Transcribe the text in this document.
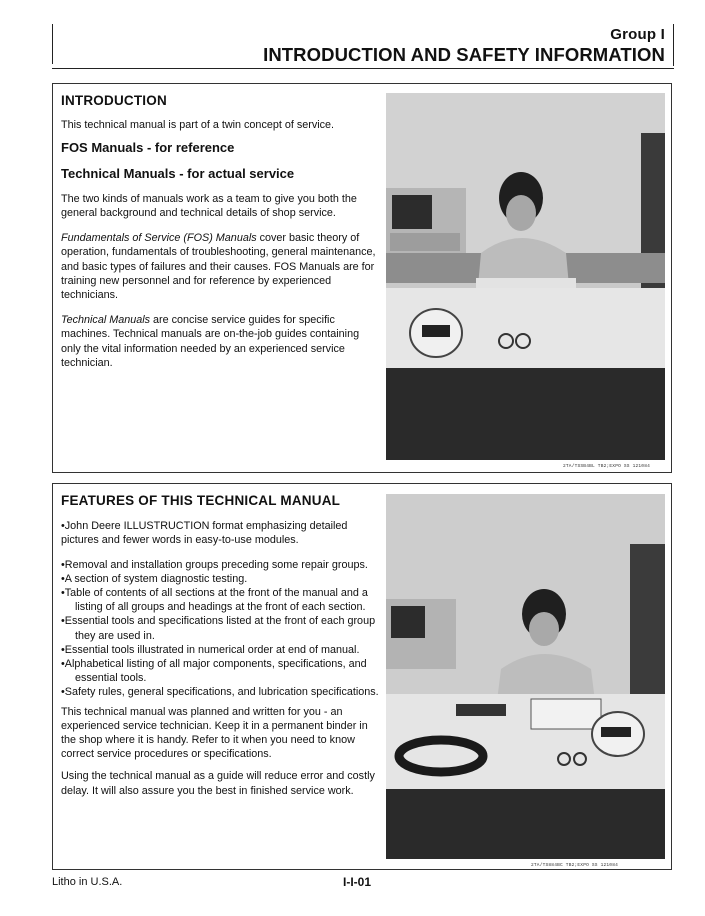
Group I
INTRODUCTION AND SAFETY INFORMATION

INTRODUCTION

This technical manual is part of a twin concept of service.

FOS Manuals - for reference

Technical Manuals - for actual service

The two kinds of manuals work as a team to give you both the general background and technical details of shop service.

Fundamentals of Service (FOS) Manuals cover basic theory of operation, fundamentals of troubleshooting, general maintenance, and basic types of failures and their causes. FOS Manuals are for training new personnel and for reference by experienced technicians.

Technical Manuals are concise service guides for specific machines. Technical manuals are on-the-job guides containing only the vital information needed by an experienced service technician.

2TA/TSSB4BL TB2;EXPO SS 121084

FEATURES OF THIS TECHNICAL MANUAL

•John Deere ILLUSTRUCTION format emphasizing detailed pictures and fewer words in easy-to-use modules.

•Removal and installation groups preceding some repair groups.
•A section of system diagnostic testing.
•Table of contents of all sections at the front of the manual and a listing of all groups and headings at the front of each section.
•Essential tools and specifications listed at the front of each group they are used in.
•Essential tools illustrated in numerical order at end of manual.
•Alphabetical listing of all major components, specifications, and essential tools.
•Safety rules, general specifications, and lubrication specifications.

This technical manual was planned and written for you - an experienced service technician. Keep it in a permanent binder in the shop where it is handy. Refer to it when you need to know correct service procedures or specifications.

Using the technical manual as a guide will reduce error and costly delay. It will also assure you the best in finished service work.

2TA/TS884BC TB2;EXPO SS 121084
Litho in U.S.A.	I-I-01
